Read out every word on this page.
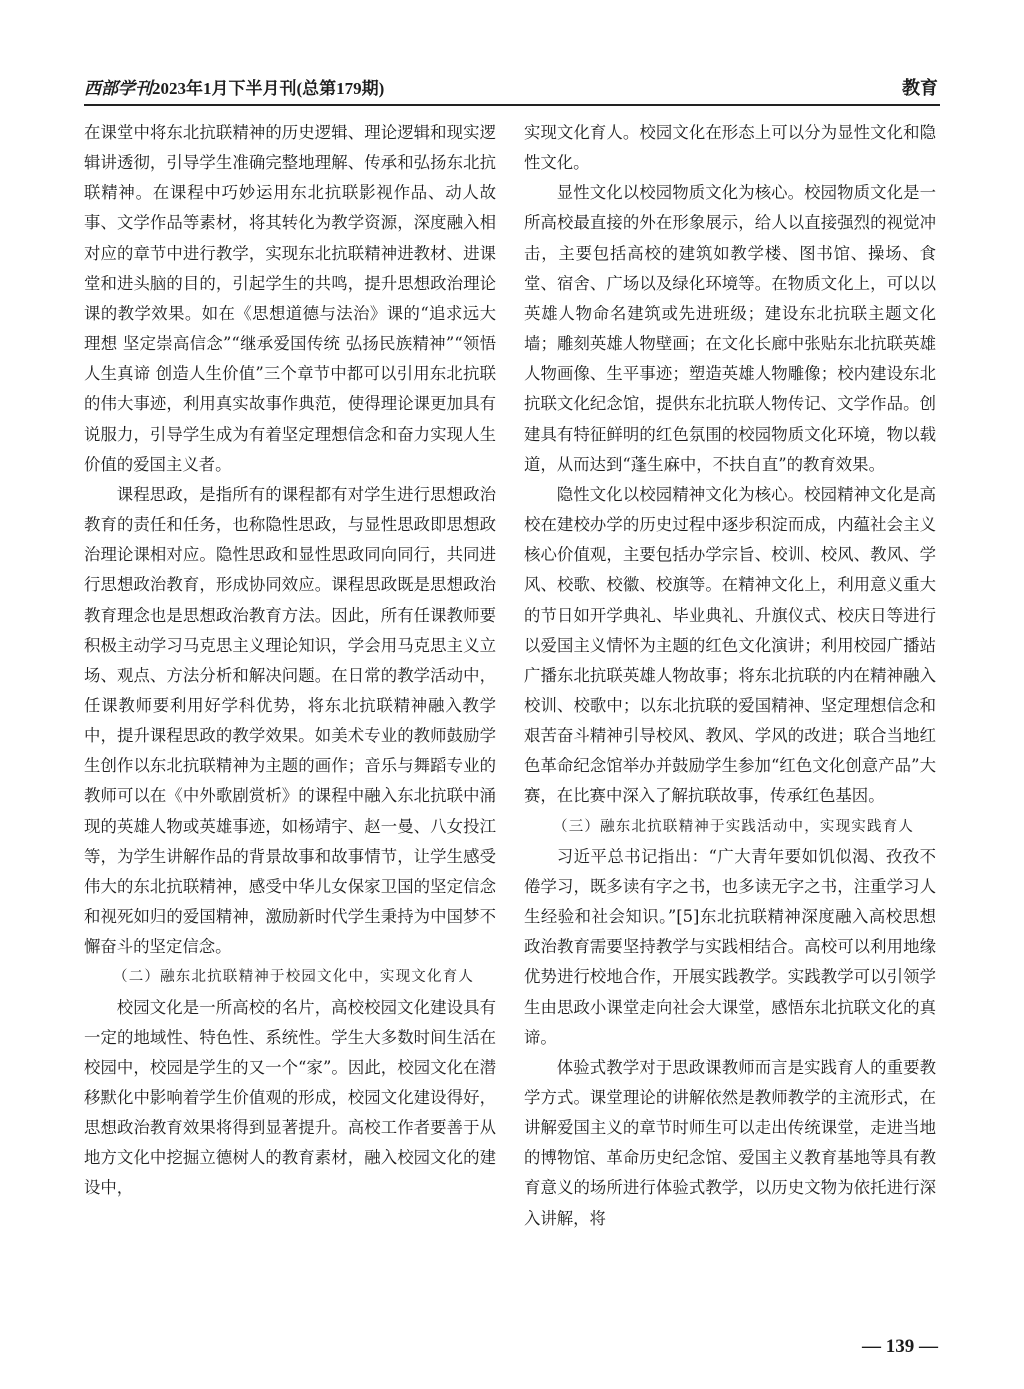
西部学刊2023年1月下半月刊(总第179期)	教育

在课堂中将东北抗联精神的历史逻辑、理论逻辑和现实逻辑讲透彻，引导学生准确完整地理解、传承和弘扬东北抗联精神。在课程中巧妙运用东北抗联影视作品、动人故事、文学作品等素材，将其转化为教学资源，深度融入相对应的章节中进行教学，实现东北抗联精神进教材、进课堂和进头脑的目的，引起学生的共鸣，提升思想政治理论课的教学效果。如在《思想道德与法治》课的“追求远大理想 坚定崇高信念”“继承爱国传统 弘扬民族精神”“领悟人生真谛 创造人生价值”三个章节中都可以引用东北抗联的伟大事迹，利用真实故事作典范，使得理论课更加具有说服力，引导学生成为有着坚定理想信念和奋力实现人生价值的爱国主义者。

课程思政，是指所有的课程都有对学生进行思想政治教育的责任和任务，也称隐性思政，与显性思政即思想政治理论课相对应。隐性思政和显性思政同向同行，共同进行思想政治教育，形成协同效应。课程思政既是思想政治教育理念也是思想政治教育方法。因此，所有任课教师要积极主动学习马克思主义理论知识，学会用马克思主义立场、观点、方法分析和解决问题。在日常的教学活动中，任课教师要利用好学科优势，将东北抗联精神融入教学中，提升课程思政的教学效果。如美术专业的教师鼓励学生创作以东北抗联精神为主题的画作；音乐与舞蹈专业的教师可以在《中外歌剧赏析》的课程中融入东北抗联中涌现的英雄人物或英雄事迹，如杨靖宇、赵一曼、八女投江等，为学生讲解作品的背景故事和故事情节，让学生感受伟大的东北抗联精神，感受中华儿女保家卫国的坚定信念和视死如归的爱国精神，激励新时代学生秉持为中国梦不懈奋斗的坚定信念。

（二）融东北抗联精神于校园文化中，实现文化育人

校园文化是一所高校的名片，高校校园文化建设具有一定的地域性、特色性、系统性。学生大多数时间生活在校园中，校园是学生的又一个“家”。因此，校园文化在潜移默化中影响着学生价值观的形成，校园文化建设得好，思想政治教育效果将得到显著提升。高校工作者要善于从地方文化中挖掘立德树人的教育素材，融入校园文化的建设中，

实现文化育人。校园文化在形态上可以分为显性文化和隐性文化。

显性文化以校园物质文化为核心。校园物质文化是一所高校最直接的外在形象展示，给人以直接强烈的视觉冲击，主要包括高校的建筑如教学楼、图书馆、操场、食堂、宿舍、广场以及绿化环境等。在物质文化上，可以以英雄人物命名建筑或先进班级；建设东北抗联主题文化墙；雕刻英雄人物壁画；在文化长廊中张贴东北抗联英雄人物画像、生平事迹；塑造英雄人物雕像；校内建设东北抗联文化纪念馆，提供东北抗联人物传记、文学作品。创建具有特征鲜明的红色氛围的校园物质文化环境，物以载道，从而达到“蓬生麻中，不扶自直”的教育效果。

隐性文化以校园精神文化为核心。校园精神文化是高校在建校办学的历史过程中逐步积淀而成，内蕴社会主义核心价值观，主要包括办学宗旨、校训、校风、教风、学风、校歌、校徽、校旗等。在精神文化上，利用意义重大的节日如开学典礼、毕业典礼、升旗仪式、校庆日等进行以爱国主义情怀为主题的红色文化演讲；利用校园广播站广播东北抗联英雄人物故事；将东北抗联的内在精神融入校训、校歌中；以东北抗联的爱国精神、坚定理想信念和艰苦奋斗精神引导校风、教风、学风的改进；联合当地红色革命纪念馆举办并鼓励学生参加“红色文化创意产品”大赛，在比赛中深入了解抗联故事，传承红色基因。

（三）融东北抗联精神于实践活动中，实现实践育人

习近平总书记指出：“广大青年要如饥似渴、孜孜不倦学习，既多读有字之书，也多读无字之书，注重学习人生经验和社会知识。”[5]东北抗联精神深度融入高校思想政治教育需要坚持教学与实践相结合。高校可以利用地缘优势进行校地合作，开展实践教学。实践教学可以引领学生由思政小课堂走向社会大课堂，感悟东北抗联文化的真谛。

体验式教学对于思政课教师而言是实践育人的重要教学方式。课堂理论的讲解依然是教师教学的主流形式，在讲解爱国主义的章节时师生可以走出传统课堂，走进当地的博物馆、革命历史纪念馆、爱国主义教育基地等具有教育意义的场所进行体验式教学，以历史文物为依托进行深入讲解，将

— 139 —
